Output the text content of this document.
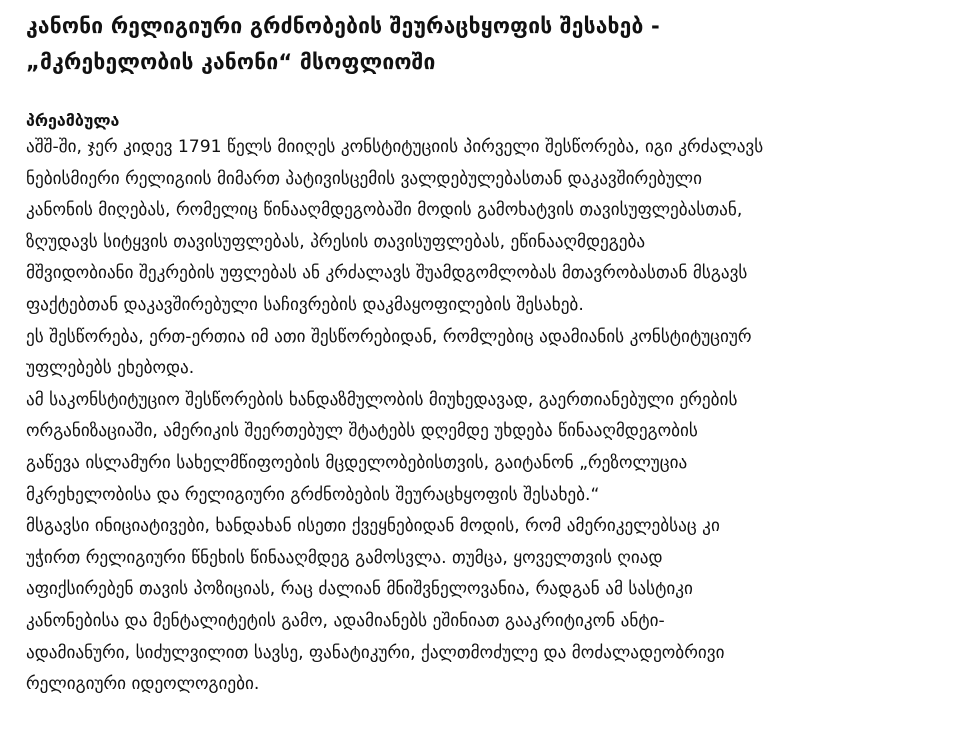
კანონი რელიგიური გრძნობების შეურაცხყოფის შესახებ -
„მკრეხელობის კანონი“ მსოფლიოში
პრეამბულა

აშშ-ში, ჯერ კიდევ 1791 წელს მიიღეს კონსტიტუციის პირველი შესწორება, იგი კრძალავს

ნებისმიერი რელიგიის მიმართ პატივისცემის ვალდებულებასთან დაკავშირებული

კანონის მიღებას, რომელიც წინააღმდეგობაში მოდის გამოხატვის თავისუფლებასთან,

ზღუდავს სიტყვის თავისუფლებას, პრესის თავისუფლებას, ეწინააღმდეგება

მშვიდობიანი შეკრების უფლებას ან კრძალავს შუამდგომლობას მთავრობასთან მსგავს

ფაქტებთან დაკავშირებული საჩივრების დაკმაყოფილების შესახებ.

ეს შესწორება, ერთ-ერთია იმ ათი შესწორებიდან, რომლებიც ადამიანის კონსტიტუციურ

უფლებებს ეხებოდა.

ამ საკონსტიტუციო შესწორების ხანდაზმულობის მიუხედავად, გაერთიანებული ერების

ორგანიზაციაში, ამერიკის შეერთებულ შტატებს დღემდე უხდება წინააღმდეგობის

გაწევა ისლამური სახელმწიფოების მცდელობებისთვის, გაიტანონ „რეზოლუცია

მკრეხელობისა და რელიგიური გრძნობების შეურაცხყოფის შესახებ.“

მსგავსი ინიციატივები, ხანდახან ისეთი ქვეყნებიდან მოდის, რომ ამერიკელებსაც კი

უჭირთ რელიგიური წნეხის წინააღმდეგ გამოსვლა. თუმცა, ყოველთვის ღიად

აფიქსირებენ თავის პოზიციას, რაც ძალიან მნიშვნელოვანია, რადგან ამ სასტიკი

კანონებისა და მენტალიტეტის გამო, ადამიანებს ეშინიათ გააკრიტიკონ ანტი-

ადამიანური, სიძულვილით სავსე, ფანატიკური, ქალთმოძულე და მოძალადეობრივი

რელიგიური იდეოლოგიები.
